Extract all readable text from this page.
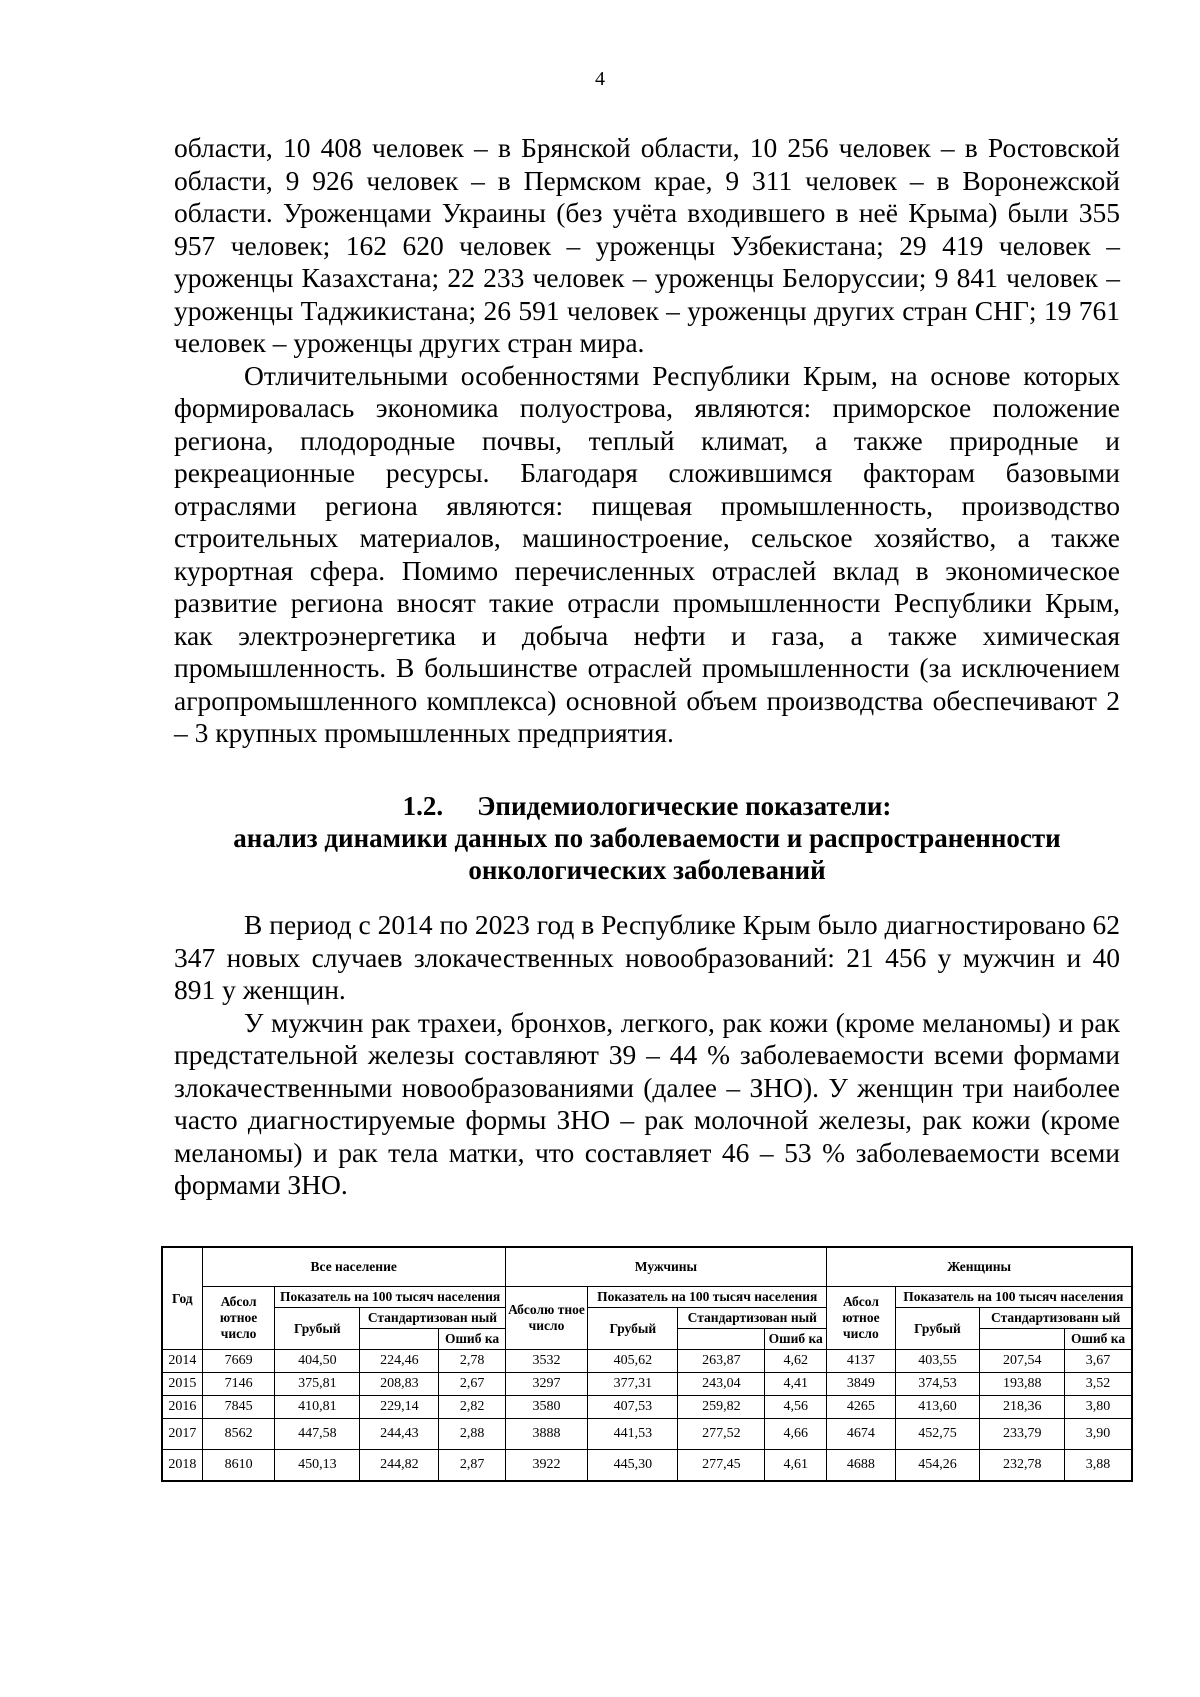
4

области, 10 408 человек – в Брянской области, 10 256 человек – в Ростовской области, 9 926 человек – в Пермском крае, 9 311 человек – в Воронежской области. Уроженцами Украины (без учёта входившего в неё Крыма) были 355 957 человек; 162 620 человек – уроженцы Узбекистана; 29 419 человек – уроженцы Казахстана; 22 233 человек – уроженцы Белоруссии; 9 841 человек – уроженцы Таджикистана; 26 591 человек – уроженцы других стран СНГ; 19 761 человек – уроженцы других стран мира.

Отличительными особенностями Республики Крым, на основе которых формировалась экономика полуострова, являются: приморское положение региона, плодородные почвы, теплый климат, а также природные и рекреационные ресурсы. Благодаря сложившимся факторам базовыми отраслями региона являются: пищевая промышленность, производство строительных материалов, машиностроение, сельское хозяйство, а также курортная сфера. Помимо перечисленных отраслей вклад в экономическое развитие региона вносят такие отрасли промышленности Республики Крым, как электроэнергетика и добыча нефти и газа, а также химическая промышленность. В большинстве отраслей промышленности (за исключением агропромышленного комплекса) основной объем производства обеспечивают 2 – 3 крупных промышленных предприятия.

1.2. Эпидемиологические показатели:
анализ динамики данных по заболеваемости и распространенности
онкологических заболеваний

В период с 2014 по 2023 год в Республике Крым было диагностировано 62 347 новых случаев злокачественных новообразований: 21 456 у мужчин и 40 891 у женщин.

У мужчин рак трахеи, бронхов, легкого, рак кожи (кроме меланомы) и рак предстательной железы составляют 39 – 44 % заболеваемости всеми формами злокачественными новообразованиями (далее – ЗНО). У женщин три наиболее часто диагностируемые формы ЗНО – рак молочной железы, рак кожи (кроме меланомы) и рак тела матки, что составляет 46 – 53 % заболеваемости всеми формами ЗНО.

Год	Все население				Мужчины				Женщины			
	Абсол ютное число	Показатель на 100 тысяч населения			Абсолю тное число	Показатель на 100 тысяч населения			Абсол ютное число	Показатель на 100 тысяч населения		
		Грубый	Стандартизован ный			Грубый	Стандартизован ный			Грубый	Стандартизованн ый	
				Ошиб ка				Ошиб ка				Ошиб ка
2014	7669	404,50	224,46	2,78	3532	405,62	263,87	4,62	4137	403,55	207,54	3,67
2015	7146	375,81	208,83	2,67	3297	377,31	243,04	4,41	3849	374,53	193,88	3,52
2016	7845	410,81	229,14	2,82	3580	407,53	259,82	4,56	4265	413,60	218,36	3,80
2017	8562	447,58	244,43	2,88	3888	441,53	277,52	4,66	4674	452,75	233,79	3,90
2018	8610	450,13	244,82	2,87	3922	445,30	277,45	4,61	4688	454,26	232,78	3,88
